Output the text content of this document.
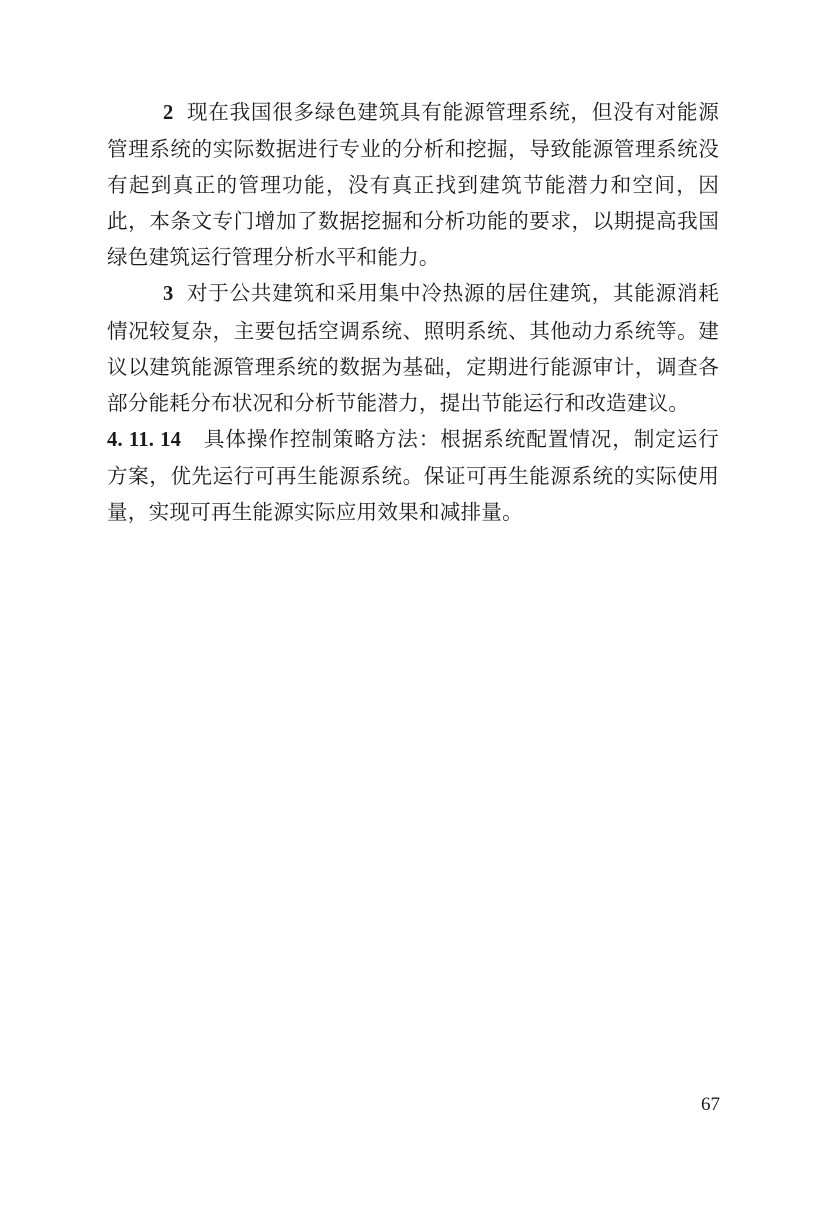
2 现在我国很多绿色建筑具有能源管理系统，但没有对能源管理系统的实际数据进行专业的分析和挖掘，导致能源管理系统没有起到真正的管理功能，没有真正找到建筑节能潜力和空间，因此，本条文专门增加了数据挖掘和分析功能的要求，以期提高我国绿色建筑运行管理分析水平和能力。

3 对于公共建筑和采用集中冷热源的居住建筑，其能源消耗情况较复杂，主要包括空调系统、照明系统、其他动力系统等。建议以建筑能源管理系统的数据为基础，定期进行能源审计，调查各部分能耗分布状况和分析节能潜力，提出节能运行和改造建议。

4. 11. 14 具体操作控制策略方法：根据系统配置情况，制定运行方案，优先运行可再生能源系统。保证可再生能源系统的实际使用量，实现可再生能源实际应用效果和减排量。

67
